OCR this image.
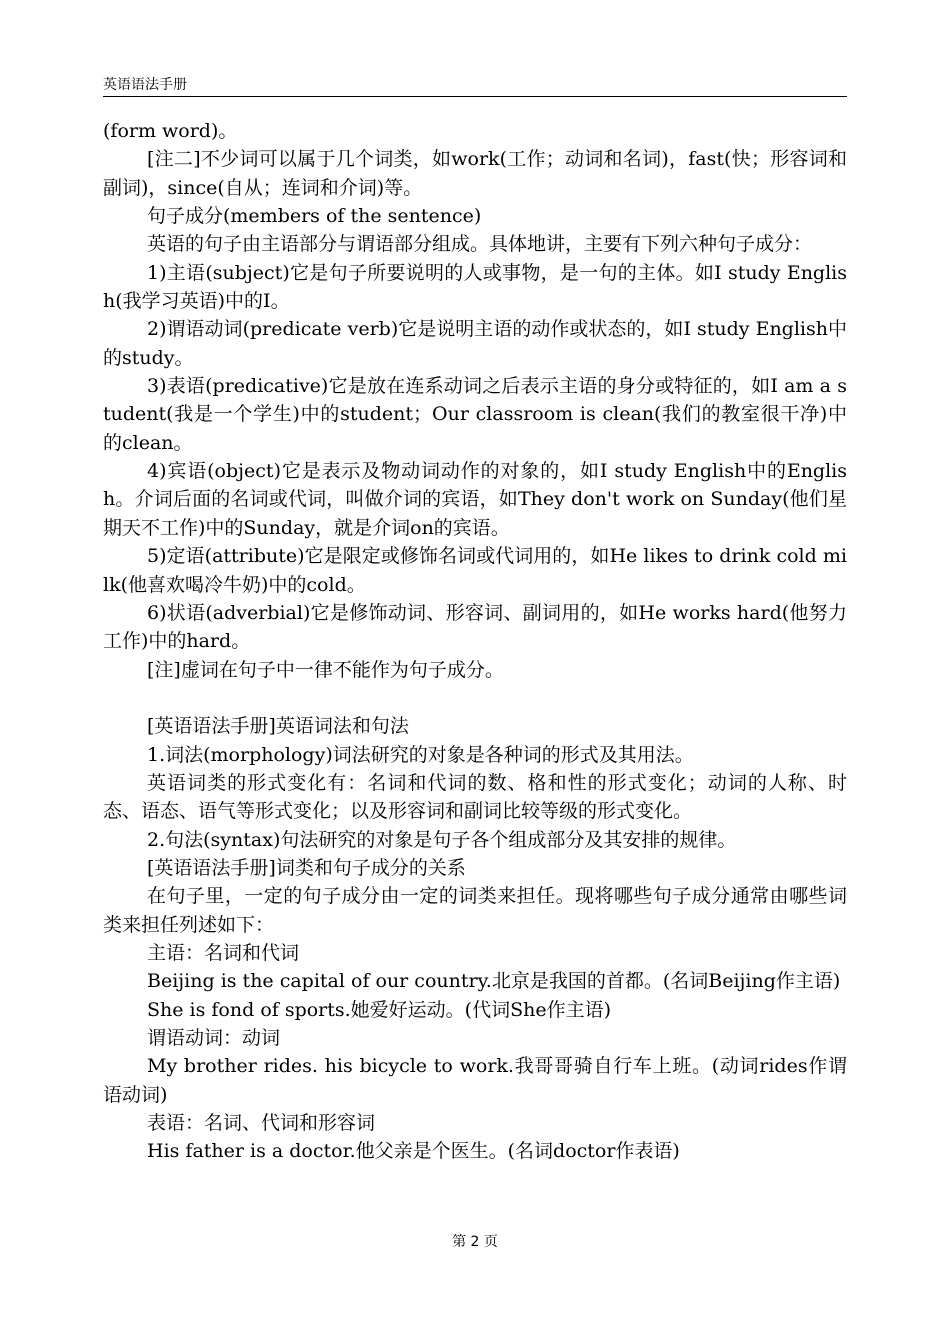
英语语法手册

(form word)。

[注二]不少词可以属于几个词类，如work(工作；动词和名词)，fast(快；形容词和副词)，since(自从；连词和介词)等。

句子成分(members of the sentence)

英语的句子由主语部分与谓语部分组成。具体地讲，主要有下列六种句子成分：

1)主语(subject)它是句子所要说明的人或事物，是一句的主体。如I study English(我学习英语)中的I。

2)谓语动词(predicate verb)它是说明主语的动作或状态的，如I study English中的study。

3)表语(predicative)它是放在连系动词之后表示主语的身分或特征的，如I am a student(我是一个学生)中的student；Our classroom is clean(我们的教室很干净)中的clean。

4)宾语(object)它是表示及物动词动作的对象的，如I study English中的English。介词后面的名词或代词，叫做介词的宾语，如They don't work on Sunday(他们星期天不工作)中的Sunday，就是介词on的宾语。

5)定语(attribute)它是限定或修饰名词或代词用的，如He likes to drink cold milk(他喜欢喝冷牛奶)中的cold。

6)状语(adverbial)它是修饰动词、形容词、副词用的，如He works hard(他努力工作)中的hard。

[注]虚词在句子中一律不能作为句子成分。

[英语语法手册]英语词法和句法

1.词法(morphology)词法研究的对象是各种词的形式及其用法。

英语词类的形式变化有：名词和代词的数、格和性的形式变化；动词的人称、时态、语态、语气等形式变化；以及形容词和副词比较等级的形式变化。

2.句法(syntax)句法研究的对象是句子各个组成部分及其安排的规律。

[英语语法手册]词类和句子成分的关系

在句子里，一定的句子成分由一定的词类来担任。现将哪些句子成分通常由哪些词类来担任列述如下：

主语：名词和代词

Beijing is the capital of our country.北京是我国的首都。(名词Beijing作主语)

She is fond of sports.她爱好运动。(代词She作主语)

谓语动词：动词

My brother rides. his bicycle to work.我哥哥骑自行车上班。(动词rides作谓语动词)

表语：名词、代词和形容词

His father is a doctor.他父亲是个医生。(名词doctor作表语)

第 2 页
